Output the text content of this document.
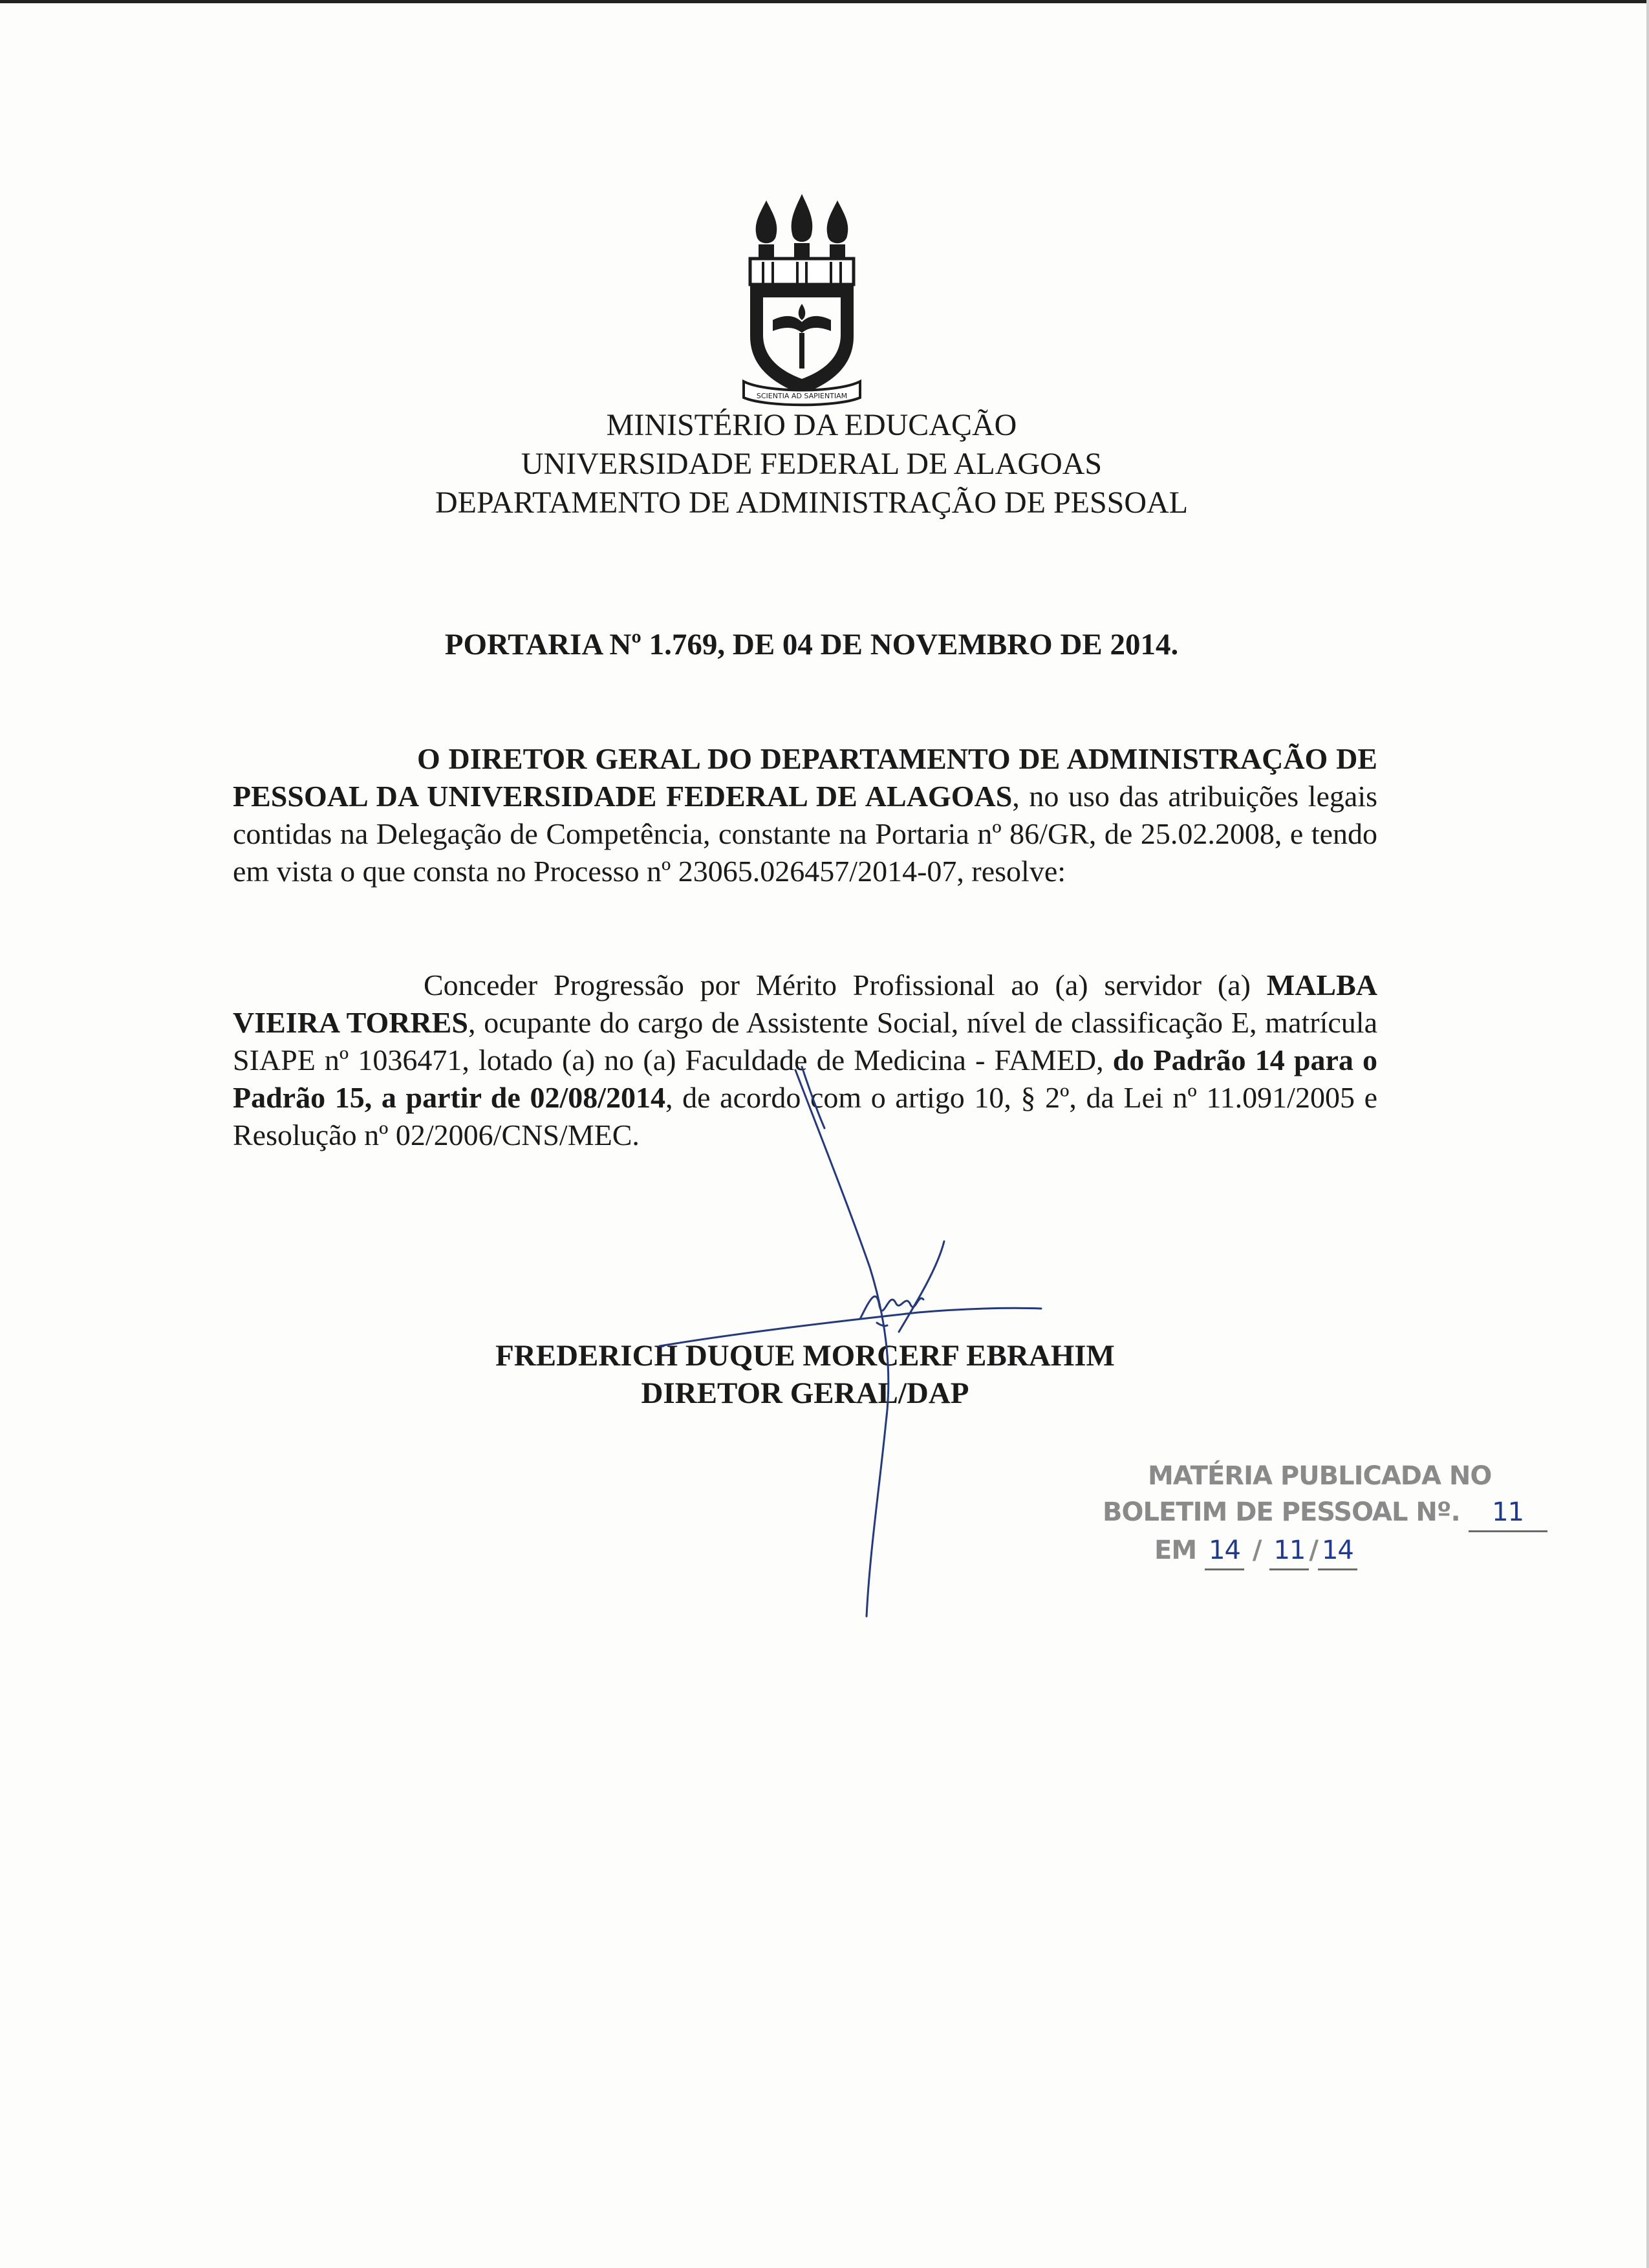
SCIENTIA AD SAPIENTIAM
MINISTÉRIO DA EDUCAÇÃO
UNIVERSIDADE FEDERAL DE ALAGOAS
DEPARTAMENTO DE ADMINISTRAÇÃO DE PESSOAL
PORTARIA Nº 1.769, DE 04 DE NOVEMBRO DE 2014.
O DIRETOR GERAL DO DEPARTAMENTO DE ADMINISTRAÇÃO DE PESSOAL DA UNIVERSIDADE FEDERAL DE ALAGOAS, no uso das atribuições legais contidas na Delegação de Competência, constante na Portaria nº 86/GR, de 25.02.2008, e tendo em vista o que consta no Processo nº 23065.026457/2014-07, resolve:
Conceder Progressão por Mérito Profissional ao (a) servidor (a) MALBA VIEIRA TORRES, ocupante do cargo de Assistente Social, nível de classificação E, matrícula SIAPE nº 1036471, lotado (a) no (a) Faculdade de Medicina - FAMED, do Padrão 14 para o Padrão 15, a partir de 02/08/2014, de acordo com o artigo 10, § 2º, da Lei nº 11.091/2005 e Resolução nº 02/2006/CNS/MEC.
FREDERICH DUQUE MORCERF EBRAHIM
DIRETOR GERAL/DAP
MATÉRIA PUBLICADA NO
BOLETIM DE PESSOAL Nº. 11
EM 14 / 11 / 14
